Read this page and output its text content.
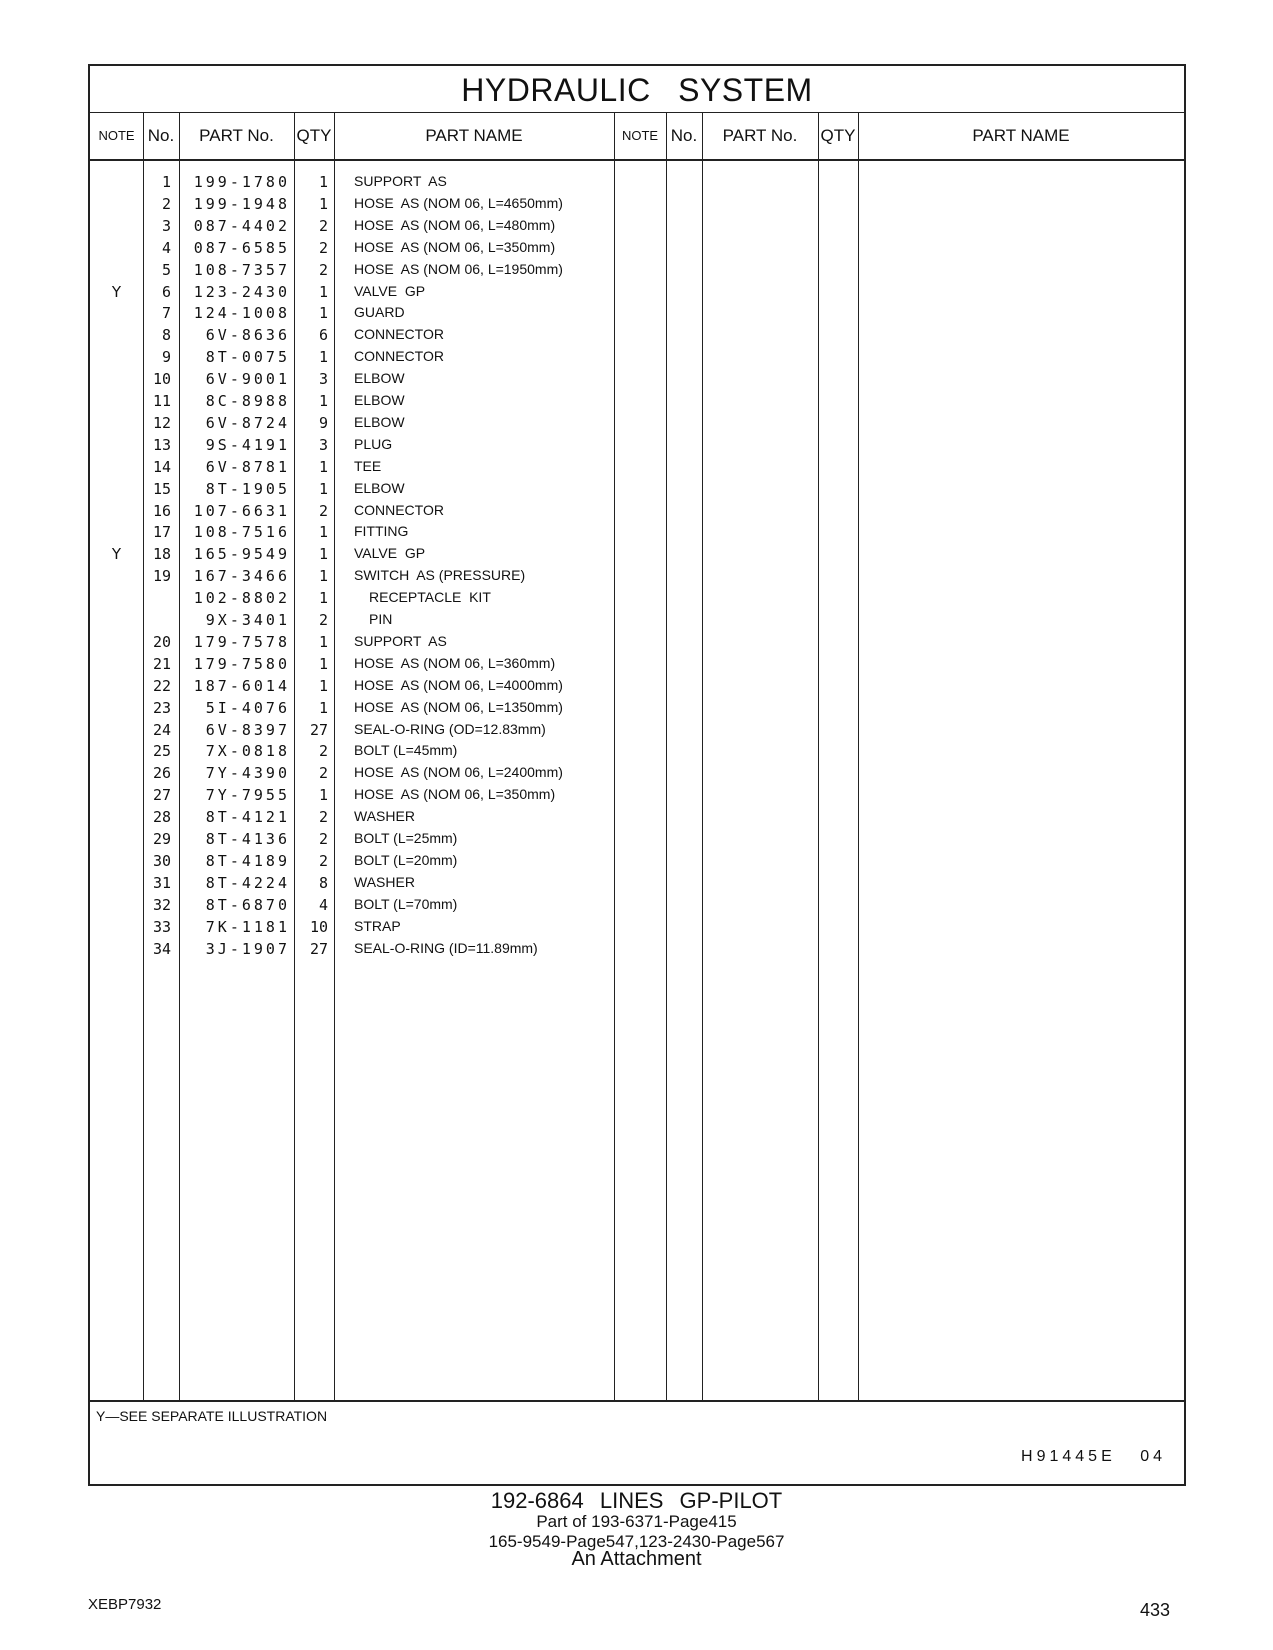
HYDRAULIC SYSTEM
NOTE No.	PART No.	QTY	PART NAME	NOTE No.	PART No.	QTY	PART NAME
1	199-1780	1 SUPPORT  AS
2	199-1948	1 HOSE  AS (NOM 06, L=4650mm)
3	087-4402	2 HOSE  AS (NOM 06, L=480mm)
4	087-6585	2 HOSE  AS (NOM 06, L=350mm)
5	108-7357	2 HOSE  AS (NOM 06, L=1950mm)
Y	6	123-2430	1 VALVE  GP
7	124-1008	1 GUARD
8	6V-8636	6 CONNECTOR
9	8T-0075	1 CONNECTOR
10	6V-9001	3 ELBOW
11	8C-8988	1 ELBOW
12	6V-8724	9 ELBOW
13	9S-4191	3 PLUG
14	6V-8781	1 TEE
15	8T-1905	1 ELBOW
16	107-6631	2 CONNECTOR
17	108-7516	1 FITTING
Y	18	165-9549	1 VALVE  GP
19	167-3466	1 SWITCH  AS (PRESSURE)
102-8802	1	RECEPTACLE  KIT
9X-3401	2	PIN
20	179-7578	1 SUPPORT  AS
21	179-7580	1 HOSE  AS (NOM 06, L=360mm)
22	187-6014	1 HOSE  AS (NOM 06, L=4000mm)
23	5I-4076	1 HOSE  AS (NOM 06, L=1350mm)
24	6V-8397	27 SEAL-O-RING (OD=12.83mm)
25	7X-0818	2 BOLT (L=45mm)
26	7Y-4390	2 HOSE  AS (NOM 06, L=2400mm)
27	7Y-7955	1 HOSE  AS (NOM 06, L=350mm)
28	8T-4121	2 WASHER
29	8T-4136	2 BOLT (L=25mm)
30	8T-4189	2 BOLT (L=20mm)
31	8T-4224	8 WASHER
32	8T-6870	4 BOLT (L=70mm)
33	7K-1181	10 STRAP
34	3J-1907	27 SEAL-O-RING (ID=11.89mm)
Y—SEE SEPARATE ILLUSTRATION
H91445E 04
192-6864 LINES GP-PILOT
Part of 193-6371-Page415
165-9549-Page547,123-2430-Page567
An Attachment
XEBP7932	433
